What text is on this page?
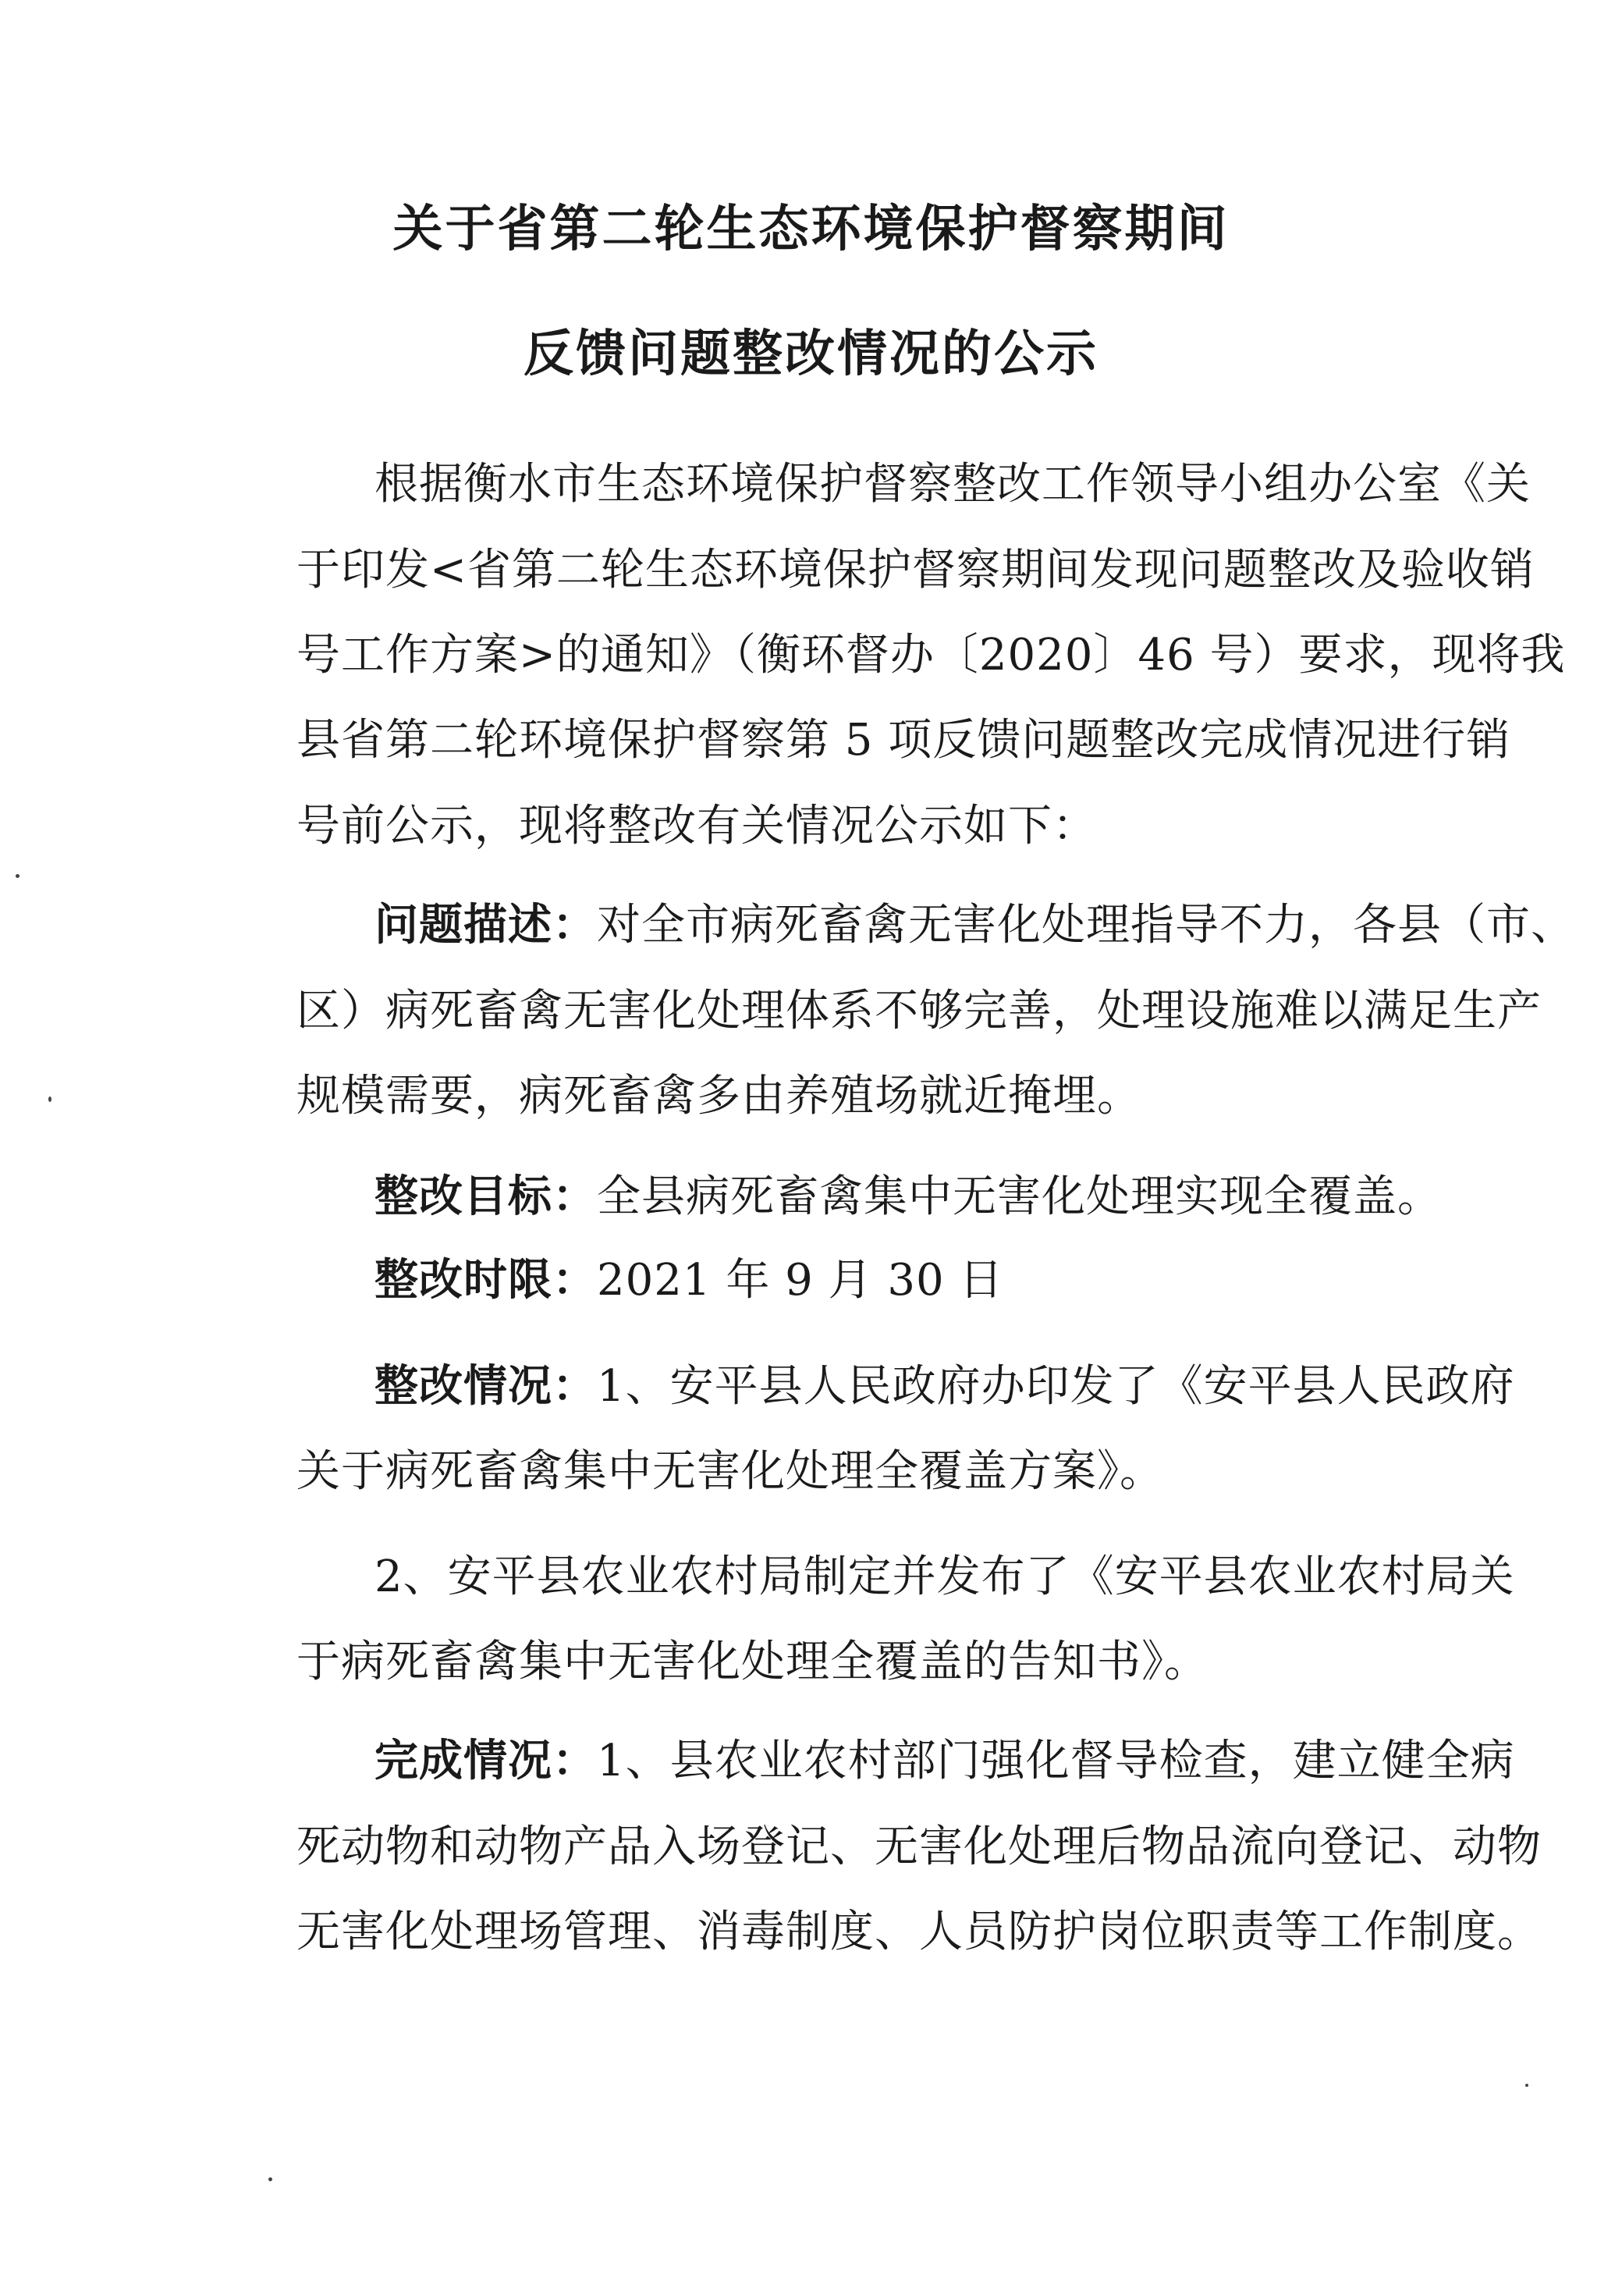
关于省第二轮生态环境保护督察期间
反馈问题整改情况的公示
根据衡水市生态环境保护督察整改工作领导小组办公室《关
于印发<省第二轮生态环境保护督察期间发现问题整改及验收销
号工作方案>的通知》（衡环督办〔2020〕46 号）要求，现将我
县省第二轮环境保护督察第 5 项反馈问题整改完成情况进行销
号前公示，现将整改有关情况公示如下：
问题描述：对全市病死畜禽无害化处理指导不力，各县（市、
区）病死畜禽无害化处理体系不够完善，处理设施难以满足生产
规模需要，病死畜禽多由养殖场就近掩埋。
整改目标：全县病死畜禽集中无害化处理实现全覆盖。
整改时限：2021 年 9 月 30 日
整改情况：1、安平县人民政府办印发了《安平县人民政府
关于病死畜禽集中无害化处理全覆盖方案》。
2、安平县农业农村局制定并发布了《安平县农业农村局关
于病死畜禽集中无害化处理全覆盖的告知书》。
完成情况：1、县农业农村部门强化督导检查，建立健全病
死动物和动物产品入场登记、无害化处理后物品流向登记、动物
无害化处理场管理、消毒制度、人员防护岗位职责等工作制度。
